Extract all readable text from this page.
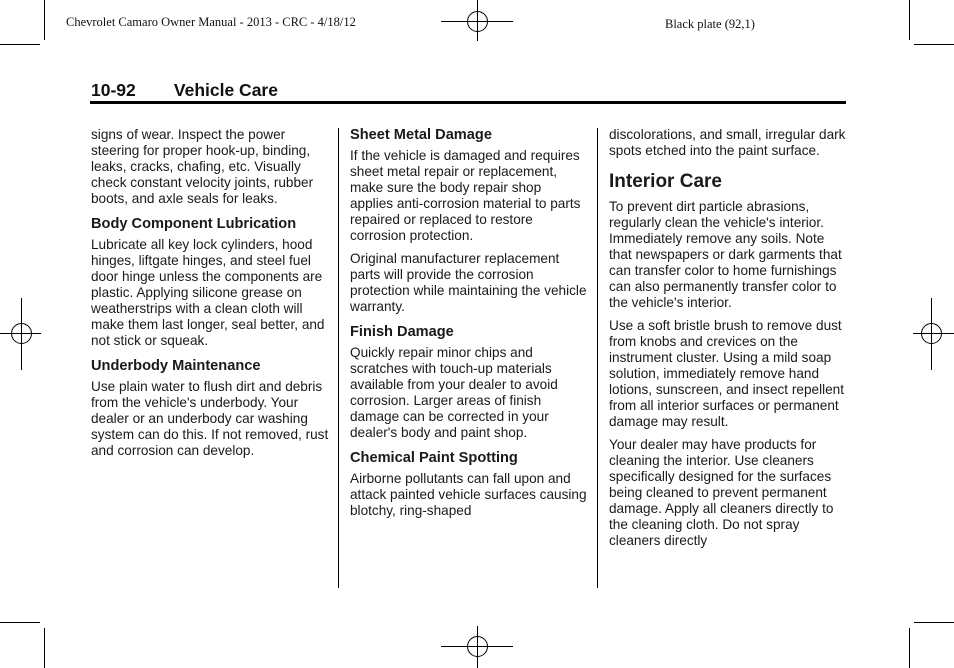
Chevrolet Camaro Owner Manual - 2013 - CRC - 4/18/12	Black plate (92,1)
10-92 Vehicle Care

signs of wear. Inspect the power steering for proper hook-up, binding, leaks, cracks, chafing, etc. Visually check constant velocity joints, rubber boots, and axle seals for leaks.

Body Component Lubrication

Lubricate all key lock cylinders, hood hinges, liftgate hinges, and steel fuel door hinge unless the components are plastic. Applying silicone grease on weatherstrips with a clean cloth will make them last longer, seal better, and not stick or squeak.

Underbody Maintenance

Use plain water to flush dirt and debris from the vehicle's underbody. Your dealer or an underbody car washing system can do this. If not removed, rust and corrosion can develop.

Sheet Metal Damage

If the vehicle is damaged and requires sheet metal repair or replacement, make sure the body repair shop applies anti-corrosion material to parts repaired or replaced to restore corrosion protection.

Original manufacturer replacement parts will provide the corrosion protection while maintaining the vehicle warranty.

Finish Damage

Quickly repair minor chips and scratches with touch-up materials available from your dealer to avoid corrosion. Larger areas of finish damage can be corrected in your dealer's body and paint shop.

Chemical Paint Spotting

Airborne pollutants can fall upon and attack painted vehicle surfaces causing blotchy, ring-shaped

discolorations, and small, irregular dark spots etched into the paint surface.

Interior Care

To prevent dirt particle abrasions, regularly clean the vehicle's interior. Immediately remove any soils. Note that newspapers or dark garments that can transfer color to home furnishings can also permanently transfer color to the vehicle's interior.

Use a soft bristle brush to remove dust from knobs and crevices on the instrument cluster. Using a mild soap solution, immediately remove hand lotions, sunscreen, and insect repellent from all interior surfaces or permanent damage may result.

Your dealer may have products for cleaning the interior. Use cleaners specifically designed for the surfaces being cleaned to prevent permanent damage. Apply all cleaners directly to the cleaning cloth. Do not spray cleaners directly
